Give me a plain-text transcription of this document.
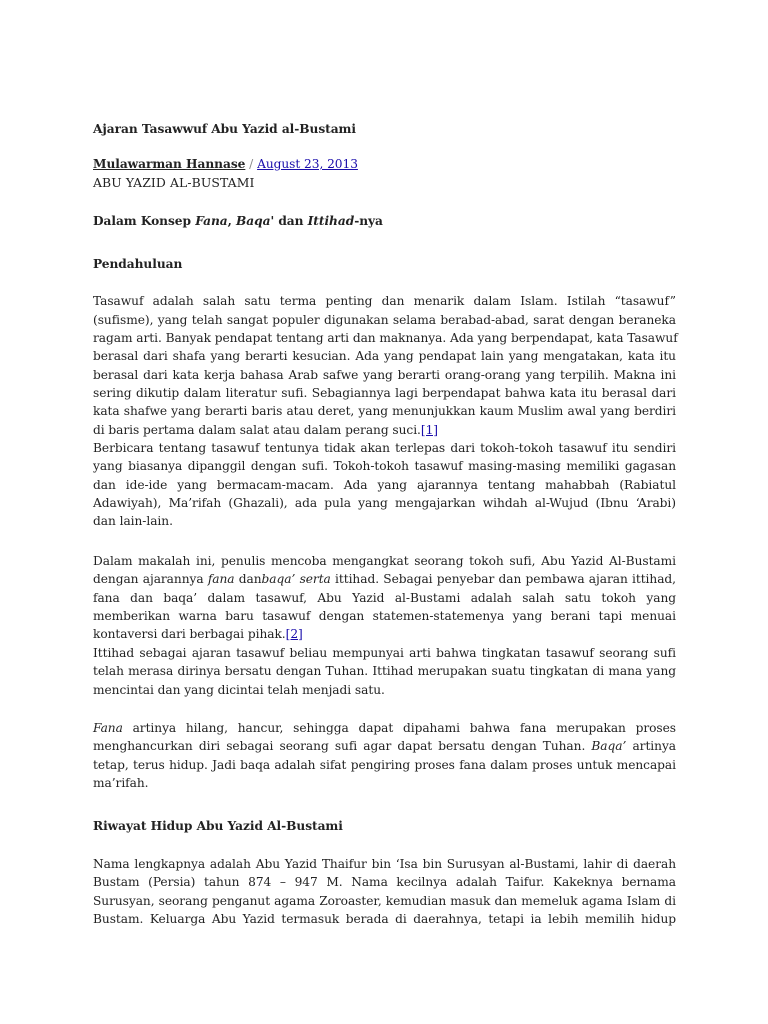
Ajaran Tasawwuf Abu Yazid al-Bustami
Mulawarman Hannase / August 23, 2013
ABU YAZID AL-BUSTAMI
Dalam Konsep Fana, Baqa' dan Ittihad-nya
Pendahuluan
Tasawuf adalah salah satu terma penting dan menarik dalam Islam. Istilah “tasawuf”
(sufisme), yang telah sangat populer digunakan selama berabad-abad, sarat dengan beraneka
ragam arti. Banyak pendapat tentang arti dan maknanya. Ada yang berpendapat, kata Tasawuf
berasal dari shafa yang berarti kesucian. Ada yang pendapat lain yang mengatakan, kata itu
berasal dari kata kerja bahasa Arab safwe yang berarti orang-orang yang terpilih. Makna ini
sering dikutip dalam literatur sufi. Sebagiannya lagi berpendapat bahwa kata itu berasal dari
kata shafwe yang berarti baris atau deret, yang menunjukkan kaum Muslim awal yang berdiri
di baris pertama dalam salat atau dalam perang suci.[1]
Berbicara tentang tasawuf tentunya tidak akan terlepas dari tokoh-tokoh tasawuf itu sendiri
yang biasanya dipanggil dengan sufi. Tokoh-tokoh tasawuf masing-masing memiliki gagasan
dan ide-ide yang bermacam-macam. Ada yang ajarannya tentang mahabbah (Rabiatul
Adawiyah), Ma’rifah (Ghazali), ada pula yang mengajarkan wihdah al-Wujud (Ibnu ‘Arabi)
dan lain-lain.
Dalam makalah ini, penulis mencoba mengangkat seorang tokoh sufi, Abu Yazid Al-Bustami
dengan ajarannya fana danbaqa’ serta ittihad. Sebagai penyebar dan pembawa ajaran ittihad,
fana dan baqa’ dalam tasawuf, Abu Yazid al-Bustami adalah salah satu tokoh yang
memberikan warna baru tasawuf dengan statemen-statemenya yang berani tapi menuai
kontaversi dari berbagai pihak.[2]
Ittihad sebagai ajaran tasawuf beliau mempunyai arti bahwa tingkatan tasawuf seorang sufi
telah merasa dirinya bersatu dengan Tuhan. Ittihad merupakan suatu tingkatan di mana yang
mencintai dan yang dicintai telah menjadi satu.
Fana artinya hilang, hancur, sehingga dapat dipahami bahwa fana merupakan proses
menghancurkan diri sebagai seorang sufi agar dapat bersatu dengan Tuhan. Baqa’ artinya
tetap, terus hidup. Jadi baqa adalah sifat pengiring proses fana dalam proses untuk mencapai
ma’rifah.
Riwayat Hidup Abu Yazid Al-Bustami
Nama lengkapnya adalah Abu Yazid Thaifur bin ‘Isa bin Surusyan al-Bustami, lahir di daerah
Bustam (Persia) tahun 874 – 947 M. Nama kecilnya adalah Taifur. Kakeknya bernama
Surusyan, seorang penganut agama Zoroaster, kemudian masuk dan memeluk agama Islam di
Bustam. Keluarga Abu Yazid termasuk berada di daerahnya, tetapi ia lebih memilih hidup
